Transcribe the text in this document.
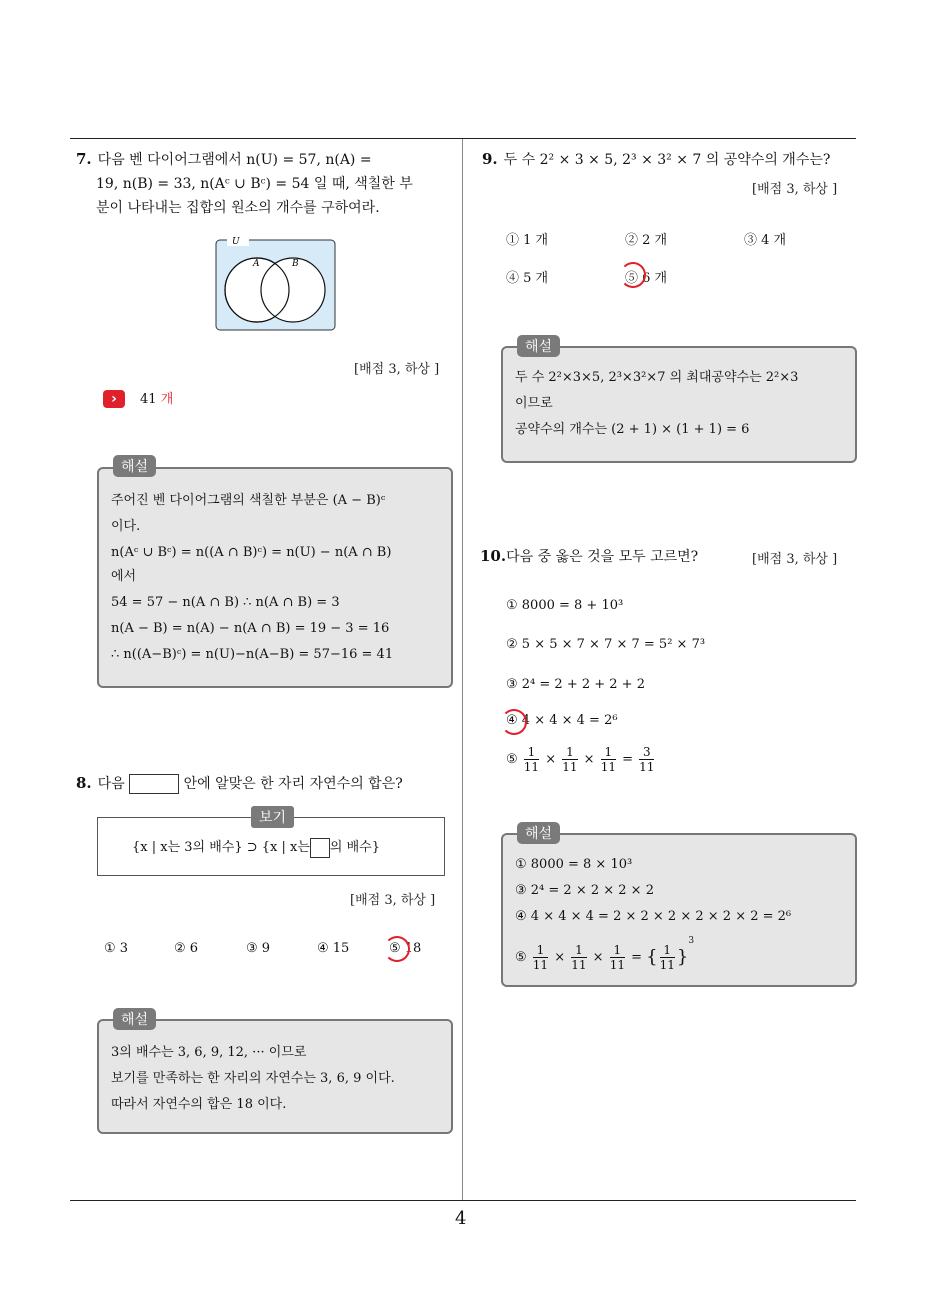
4
7. 다음 벤 다이어그램에서 n(U) = 57, n(A) =
19, n(B) = 33, n(Aᶜ ∪ Bᶜ) = 54 일 때, 색칠한 부
분이 나타내는 집합의 원소의 개수를 구하여라.
U
A	B
[배점 3, 하상 ]
›	41 개
주어진 벤 다이어그램의 색칠한 부분은 (A − B)ᶜ
이다.
n(Aᶜ ∪ Bᶜ) = n((A ∩ B)ᶜ) = n(U) − n(A ∩ B)
에서
54 = 57 − n(A ∩ B) ∴ n(A ∩ B) = 3
n(A − B) = n(A) − n(A ∩ B) = 19 − 3 = 16
∴ n((A−B)ᶜ) = n(U)−n(A−B) = 57−16 = 41
해설
8. 다음	안에 알맞은 한 자리 자연수의 합은?
{x | x는 3의 배수} ⊃ {x | x는 의 배수}
보기
[배점 3, 하상 ]
① 3	② 6	③ 9	④ 15	⑤ 18
3의 배수는 3, 6, 9, 12, ··· 이므로
보기를 만족하는 한 자리의 자연수는 3, 6, 9 이다.
따라서 자연수의 합은 18 이다.
해설
9. 두 수 2² × 3 × 5, 2³ × 3² × 7 의 공약수의 개수는?
[배점 3, 하상 ]
① 1 개	② 2 개	③ 4 개
④ 5 개	⑤ 6 개
두 수 2²×3×5, 2³×3²×7 의 최대공약수는 2²×3
이므로
공약수의 개수는 (2 + 1) × (1 + 1) = 6
해설
10.다음 중 옳은 것을 모두 고르면?	[배점 3, 하상 ]
① 8000 = 8 + 10³
② 5 × 5 × 7 × 7 × 7 = 5² × 7³
③ 2⁴ = 2 + 2 + 2 + 2
④ 4 × 4 × 4 = 2⁶
⑤ $\frac{1}{11} \times \frac{1}{11} \times \frac{1}{11} = \frac{3}{11}$
① 8000 = 8 × 10³
③ 2⁴ = 2 × 2 × 2 × 2
④ 4 × 4 × 4 = 2 × 2 × 2 × 2 × 2 × 2 = 2⁶
⑤ $\frac{1}{11} \times \frac{1}{11} \times \frac{1}{11}$ = { $\frac{1}{11} \}^3$
해설
